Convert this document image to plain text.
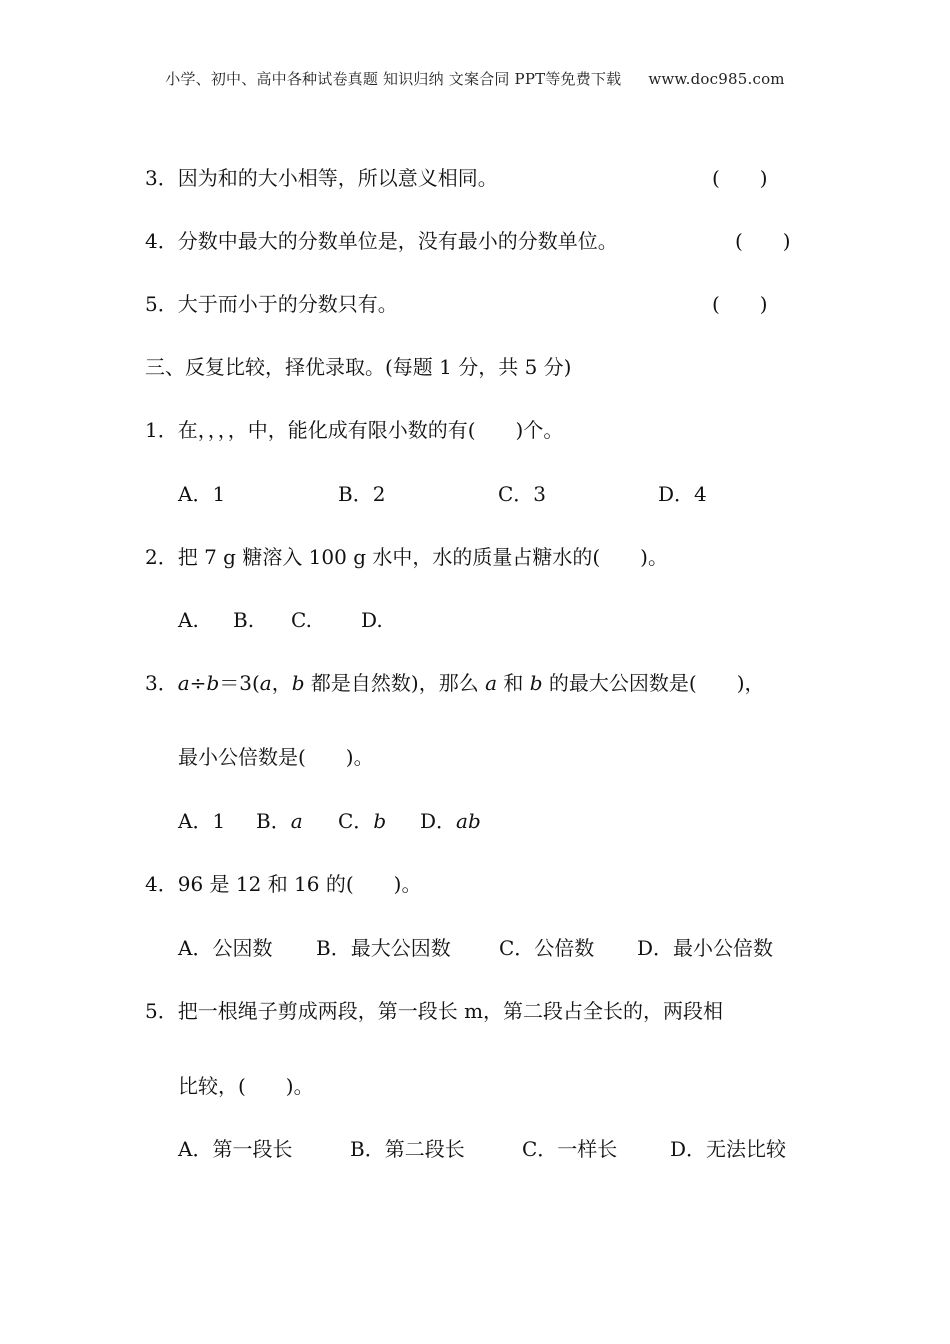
小学、初中、高中各种试卷真题 知识归纳 文案合同 PPT等免费下载 www.doc985.com
3．因为和的大小相等，所以意义相同。	(　　)
4．分数中最大的分数单位是，没有最小的分数单位。	(　　)
5．大于而小于的分数只有。	(　　)
三、反复比较，择优录取。(每题 1 分，共 5 分)
1．在，，，，中，能化成有限小数的有(　　)个。
A．1	B．2	C．3	D．4
2．把 7 g 糖溶入 100 g 水中，水的质量占糖水的(　　)。
A. B. C. D.
3．a÷b＝3(a，b 都是自然数)，那么 a 和 b 的最大公因数是(　　)，
最小公倍数是(　　)。
A．1 B．a C．b D．ab
4．96 是 12 和 16 的(　　)。
A．公因数 B．最大公因数 C．公倍数 D．最小公倍数
5．把一根绳子剪成两段，第一段长 m，第二段占全长的，两段相
比较，(　　)。
A．第一段长	B．第二段长	C．一样长	D．无法比较
